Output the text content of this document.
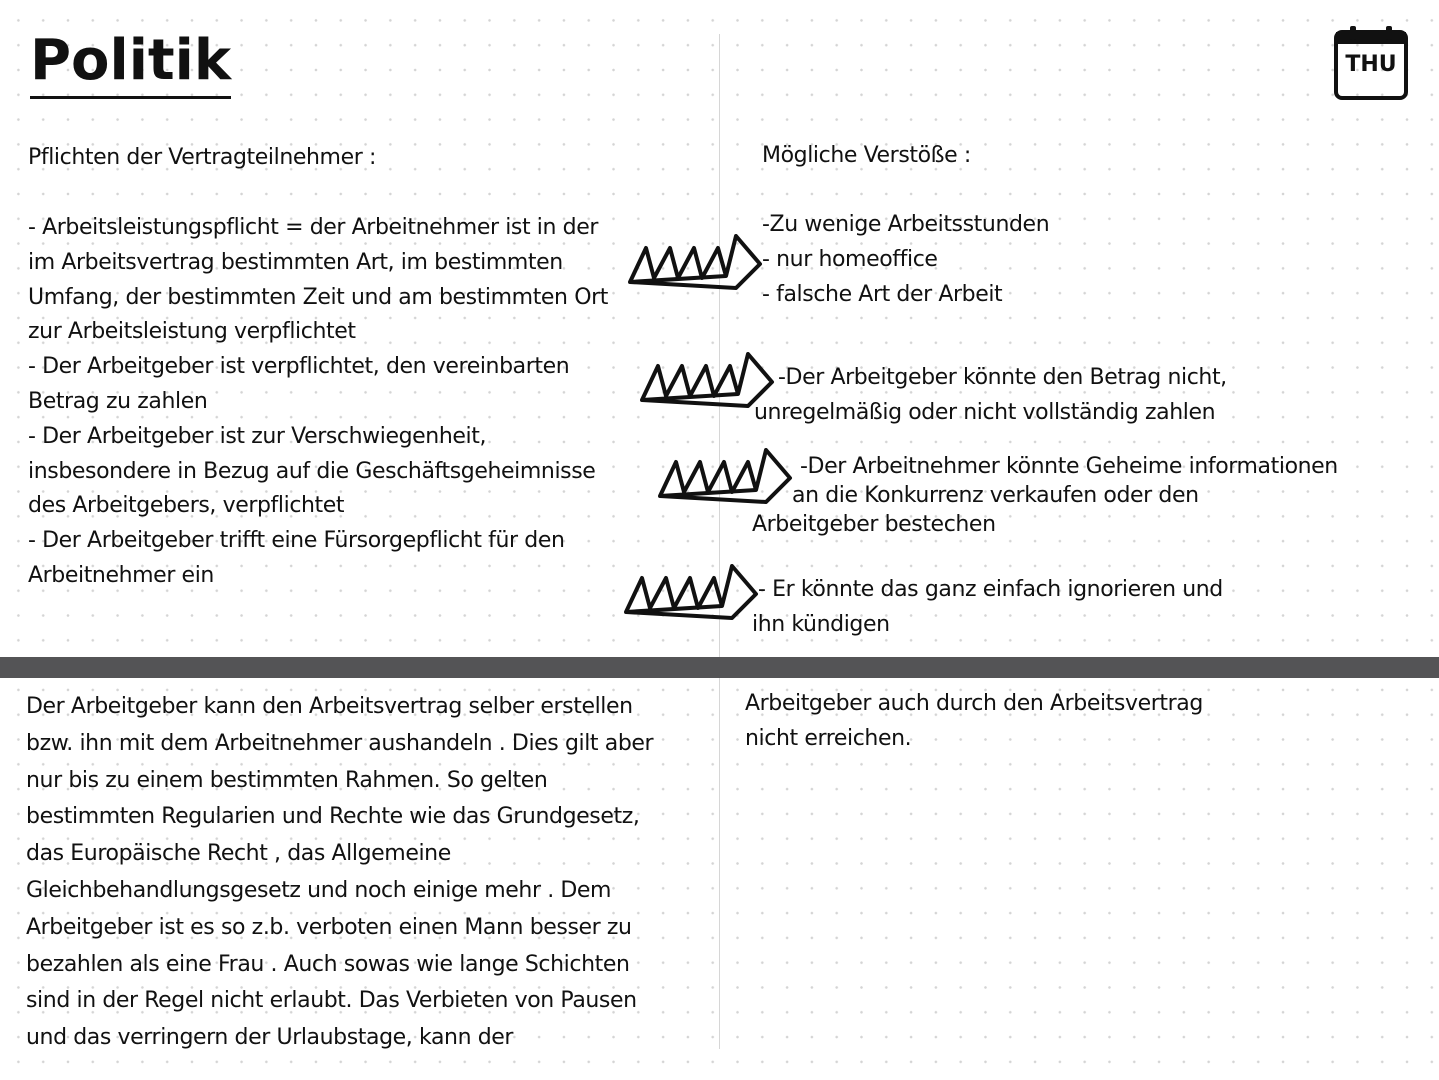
Politik	THU
Pflichten der Vertragteilnehmer :
- Arbeitsleistungspflicht = der Arbeitnehmer ist in der
im Arbeitsvertrag bestimmten Art, im bestimmten
Umfang, der bestimmten Zeit und am bestimmten Ort
zur Arbeitsleistung verpflichtet
- Der Arbeitgeber ist verpflichtet, den vereinbarten
Betrag zu zahlen
- Der Arbeitgeber ist zur Verschwiegenheit,
insbesondere in Bezug auf die Geschäftsgeheimnisse
des Arbeitgebers, verpflichtet
- Der Arbeitgeber trifft eine Fürsorgepflicht für den
Arbeitnehmer ein
Mögliche Verstöße :
-Zu wenige Arbeitsstunden
- nur homeoffice
- falsche Art der Arbeit
-Der Arbeitgeber könnte den Betrag nicht,
unregelmäßig oder nicht vollständig zahlen
-Der Arbeitnehmer könnte Geheime informationen
an die Konkurrenz verkaufen oder den
Arbeitgeber bestechen
- Er könnte das ganz einfach ignorieren und
ihn kündigen
Der Arbeitgeber kann den Arbeitsvertrag selber erstellen
bzw. ihn mit dem Arbeitnehmer aushandeln . Dies gilt aber
nur bis zu einem bestimmten Rahmen. So gelten
bestimmten Regularien und Rechte wie das Grundgesetz,
das Europäische Recht , das Allgemeine
Gleichbehandlungsgesetz und noch einige mehr . Dem
Arbeitgeber ist es so z.b. verboten einen Mann besser zu
bezahlen als eine Frau . Auch sowas wie lange Schichten
sind in der Regel nicht erlaubt. Das Verbieten von Pausen
und das verringern der Urlaubstage, kann der
Arbeitgeber auch durch den Arbeitsvertrag
nicht erreichen.
